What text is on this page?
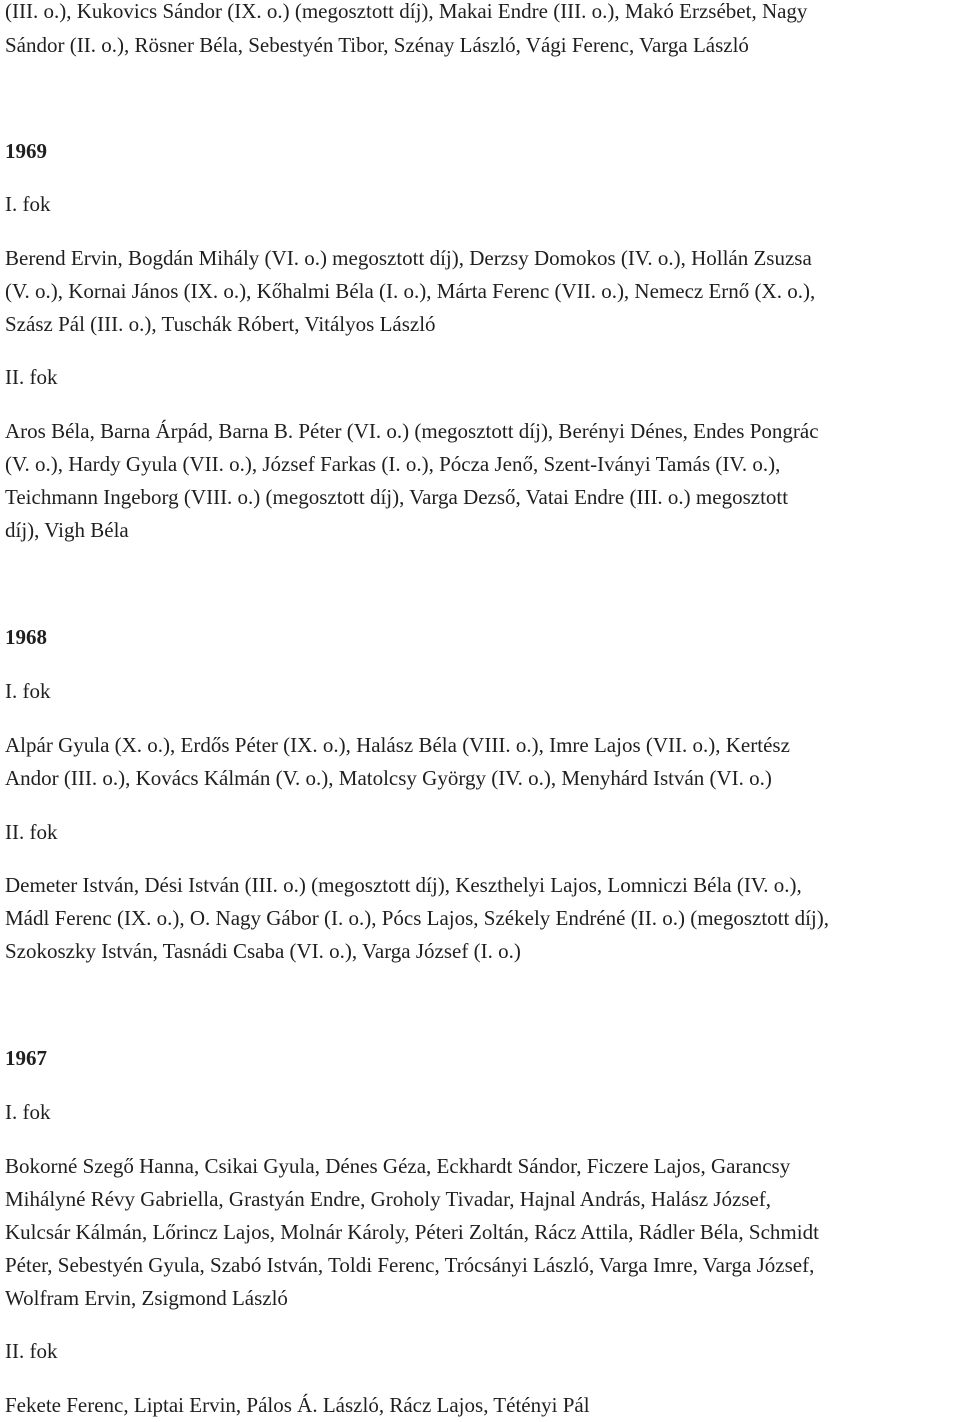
(III. o.), Kukovics Sándor (IX. o.) (megosztott díj), Makai Endre (III. o.), Makó Erzsébet, Nagy
Sándor (II. o.), Rösner Béla, Sebestyén Tibor, Szénay László, Vági Ferenc, Varga László
1969
I. fok
Berend Ervin, Bogdán Mihály (VI. o.) megosztott díj), Derzsy Domokos (IV. o.), Hollán Zsuzsa
(V. o.), Kornai János (IX. o.), Kőhalmi Béla (I. o.), Márta Ferenc (VII. o.), Nemecz Ernő (X. o.),
Szász Pál (III. o.), Tuschák Róbert, Vitályos László
II. fok
Aros Béla, Barna Árpád, Barna B. Péter (VI. o.) (megosztott díj), Berényi Dénes, Endes Pongrác
(V. o.), Hardy Gyula (VII. o.), József Farkas (I. o.), Pócza Jenő, Szent-Iványi Tamás (IV. o.),
Teichmann Ingeborg (VIII. o.) (megosztott díj), Varga Dezső, Vatai Endre (III. o.) megosztott
díj), Vigh Béla
1968
I. fok
Alpár Gyula (X. o.), Erdős Péter (IX. o.), Halász Béla (VIII. o.), Imre Lajos (VII. o.), Kertész
Andor (III. o.), Kovács Kálmán (V. o.), Matolcsy György (IV. o.), Menyhárd István (VI. o.)
II. fok
Demeter István, Dési István (III. o.) (megosztott díj), Keszthelyi Lajos, Lomniczi Béla (IV. o.),
Mádl Ferenc (IX. o.), O. Nagy Gábor (I. o.), Pócs Lajos, Székely Endréné (II. o.) (megosztott díj),
Szokoszky István, Tasnádi Csaba (VI. o.), Varga József (I. o.)
1967
I. fok
Bokorné Szegő Hanna, Csikai Gyula, Dénes Géza, Eckhardt Sándor, Ficzere Lajos, Garancsy
Mihályné Révy Gabriella, Grastyán Endre, Groholy Tivadar, Hajnal András, Halász József,
Kulcsár Kálmán, Lőrincz Lajos, Molnár Károly, Péteri Zoltán, Rácz Attila, Rádler Béla, Schmidt
Péter, Sebestyén Gyula, Szabó István, Toldi Ferenc, Trócsányi László, Varga Imre, Varga József,
Wolfram Ervin, Zsigmond László
II. fok
Fekete Ferenc, Liptai Ervin, Pálos Á. László, Rácz Lajos, Tétényi Pál
